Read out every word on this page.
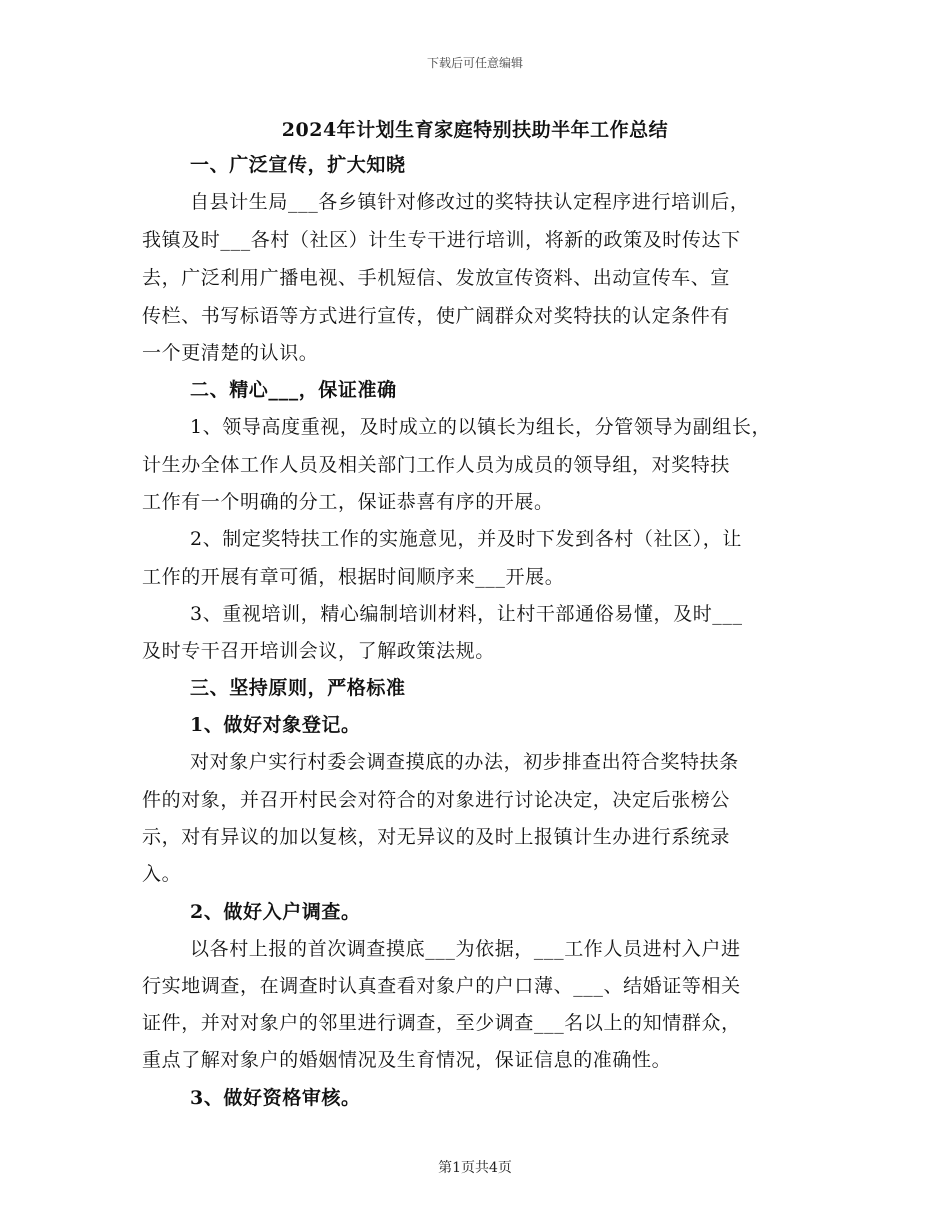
下载后可任意编辑
2024年计划生育家庭特别扶助半年工作总结
一、广泛宣传，扩大知晓
自县计生局___各乡镇针对修改过的奖特扶认定程序进行培训后，
我镇及时___各村（社区）计生专干进行培训，将新的政策及时传达下
去，广泛利用广播电视、手机短信、发放宣传资料、出动宣传车、宣
传栏、书写标语等方式进行宣传，使广阔群众对奖特扶的认定条件有
一个更清楚的认识。
二、精心___，保证准确
1、领导高度重视，及时成立的以镇长为组长，分管领导为副组长，
计生办全体工作人员及相关部门工作人员为成员的领导组，对奖特扶
工作有一个明确的分工，保证恭喜有序的开展。
2、制定奖特扶工作的实施意见，并及时下发到各村（社区），让
工作的开展有章可循，根据时间顺序来___开展。
3、重视培训，精心编制培训材料，让村干部通俗易懂，及时___
及时专干召开培训会议，了解政策法规。
三、坚持原则，严格标准
1、做好对象登记。
对对象户实行村委会调查摸底的办法，初步排查出符合奖特扶条
件的对象，并召开村民会对符合的对象进行讨论决定，决定后张榜公
示，对有异议的加以复核，对无异议的及时上报镇计生办进行系统录
入。
2、做好入户调查。
以各村上报的首次调查摸底___为依据，___工作人员进村入户进
行实地调查，在调查时认真查看对象户的户口薄、___、结婚证等相关
证件，并对对象户的邻里进行调查，至少调查___名以上的知情群众，
重点了解对象户的婚姻情况及生育情况，保证信息的准确性。
3、做好资格审核。
第1页共4页
